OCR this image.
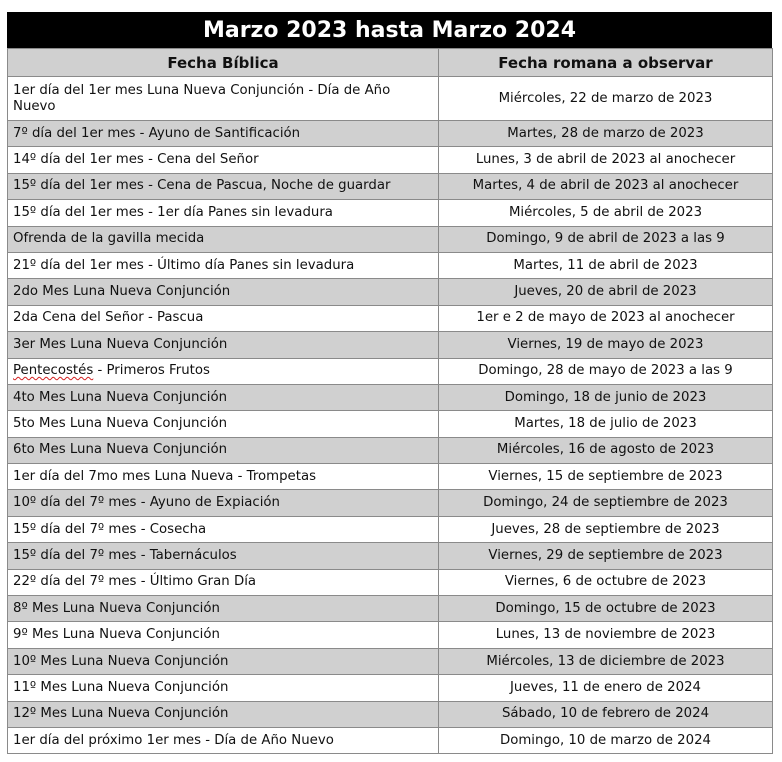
Marzo 2023 hasta Marzo 2024
Fecha Bíblica	Fecha romana a observar
1er día del 1er mes Luna Nueva Conjunción - Día de Año Nuevo	Miércoles, 22 de marzo de 2023
7º día del 1er mes - Ayuno de Santificación	Martes, 28 de marzo de 2023
14º día del 1er mes - Cena del Señor	Lunes, 3 de abril de 2023 al anochecer
15º día del 1er mes - Cena de Pascua, Noche de guardar	Martes, 4 de abril de 2023 al anochecer
15º día del 1er mes - 1er día Panes sin levadura	Miércoles, 5 de abril de 2023
Ofrenda de la gavilla mecida	Domingo, 9 de abril de 2023 a las 9
21º día del 1er mes - Último día Panes sin levadura	Martes, 11 de abril de 2023
2do Mes Luna Nueva Conjunción	Jueves, 20 de abril de 2023
2da Cena del Señor - Pascua	1er e 2 de mayo de 2023 al anochecer
3er Mes Luna Nueva Conjunción	Viernes, 19 de mayo de 2023
Pentecostés - Primeros Frutos	Domingo, 28 de mayo de 2023 a las 9
4to Mes Luna Nueva Conjunción	Domingo, 18 de junio de 2023
5to Mes Luna Nueva Conjunción	Martes, 18 de julio de 2023
6to Mes Luna Nueva Conjunción	Miércoles, 16 de agosto de 2023
1er día del 7mo mes Luna Nueva - Trompetas	Viernes, 15 de septiembre de 2023
10º día del 7º mes - Ayuno de Expiación	Domingo, 24 de septiembre de 2023
15º día del 7º mes - Cosecha	Jueves, 28 de septiembre de 2023
15º día del 7º mes - Tabernáculos	Viernes, 29 de septiembre de 2023
22º día del 7º mes - Último Gran Día	Viernes, 6 de octubre de 2023
8º Mes Luna Nueva Conjunción	Domingo, 15 de octubre de 2023
9º Mes Luna Nueva Conjunción	Lunes, 13 de noviembre de 2023
10º Mes Luna Nueva Conjunción	Miércoles, 13 de diciembre de 2023
11º Mes Luna Nueva Conjunción	Jueves, 11 de enero de 2024
12º Mes Luna Nueva Conjunción	Sábado, 10 de febrero de 2024
1er día del próximo 1er mes - Día de Año Nuevo	Domingo, 10 de marzo de 2024
